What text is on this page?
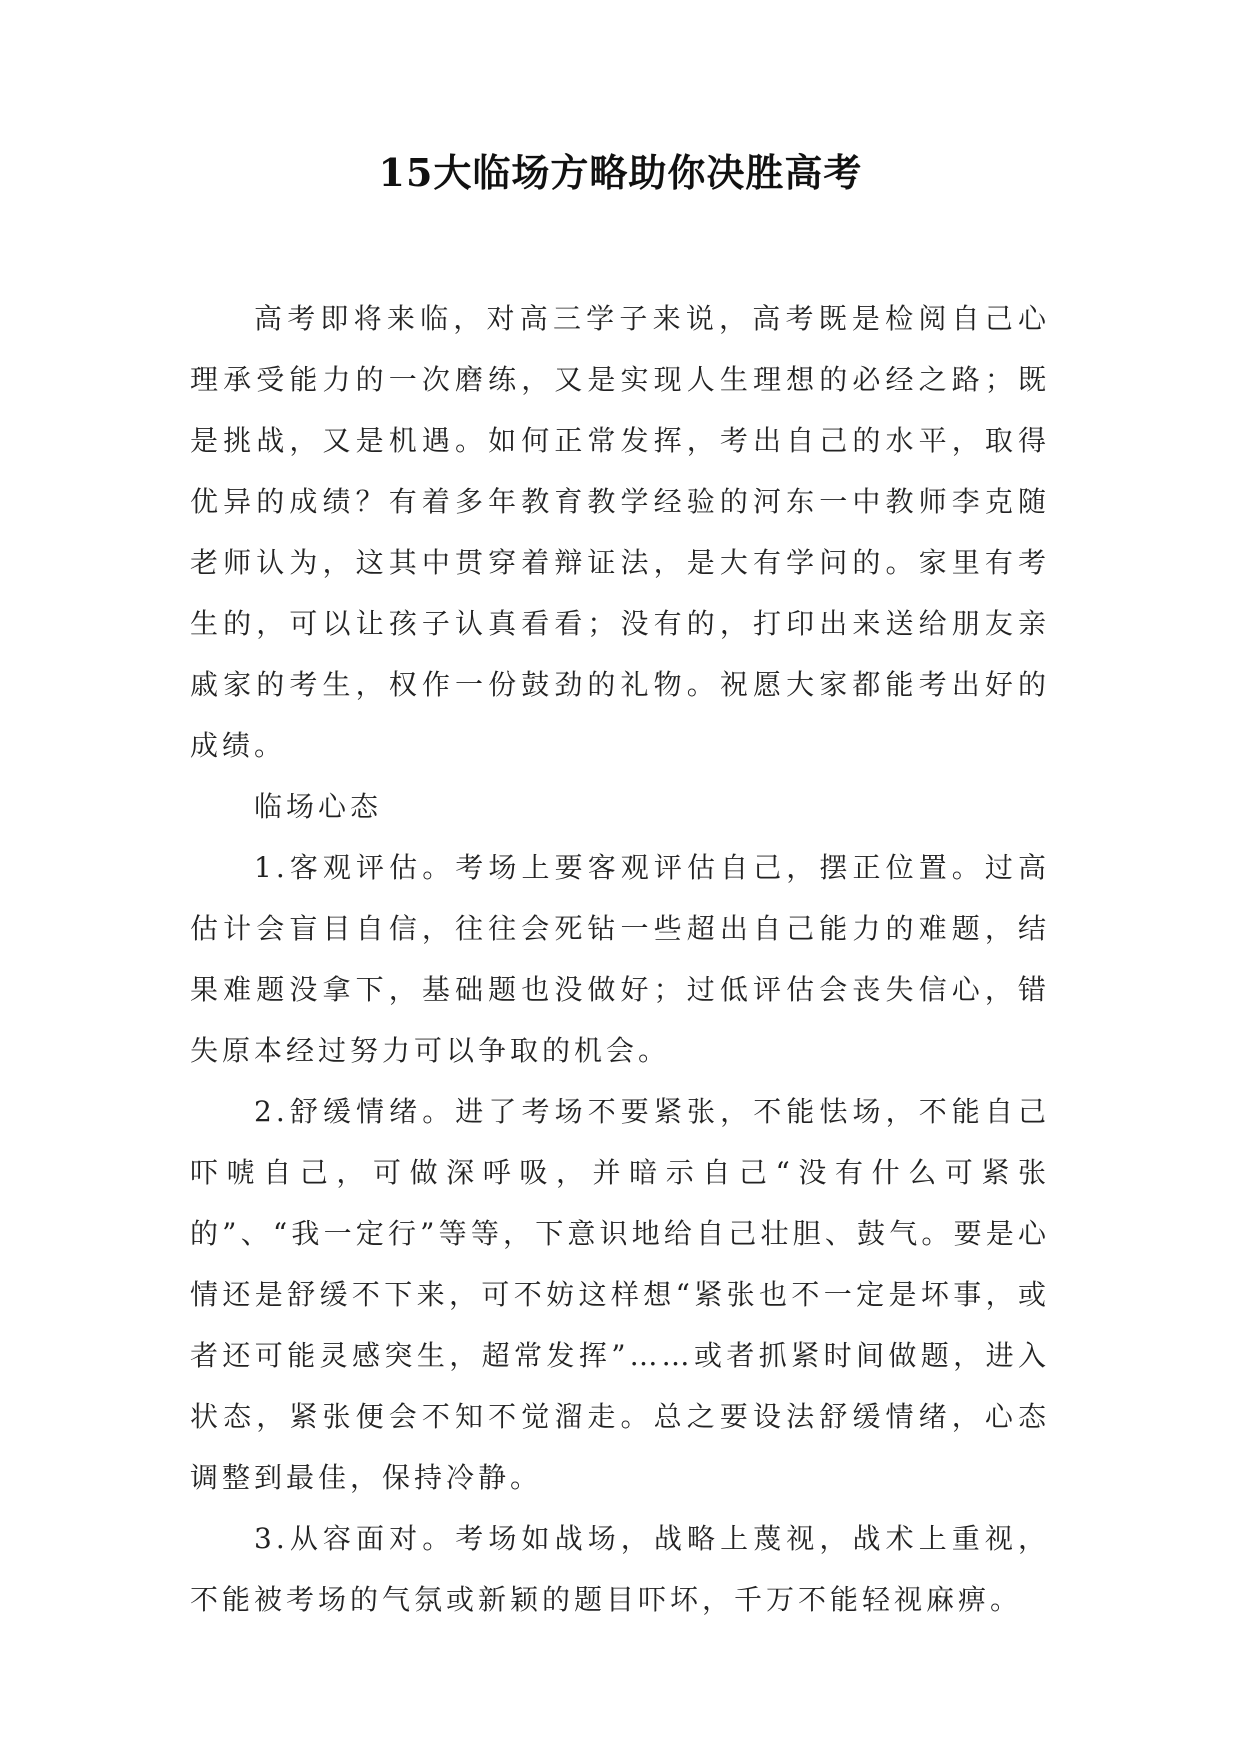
15大临场方略助你决胜高考

高考即将来临，对高三学子来说，高考既是检阅自己心理承受能力的一次磨练，又是实现人生理想的必经之路；既是挑战，又是机遇。如何正常发挥，考出自己的水平，取得优异的成绩？有着多年教育教学经验的河东一中教师李克随老师认为，这其中贯穿着辩证法，是大有学问的。家里有考生的，可以让孩子认真看看；没有的，打印出来送给朋友亲戚家的考生，权作一份鼓劲的礼物。祝愿大家都能考出好的成绩。

临场心态

1.客观评估。考场上要客观评估自己，摆正位置。过高估计会盲目自信，往往会死钻一些超出自己能力的难题，结果难题没拿下，基础题也没做好；过低评估会丧失信心，错失原本经过努力可以争取的机会。

2.舒缓情绪。进了考场不要紧张，不能怯场，不能自己吓唬自己，可做深呼吸，并暗示自己“没有什么可紧张的”、“我一定行”等等，下意识地给自己壮胆、鼓气。要是心情还是舒缓不下来，可不妨这样想“紧张也不一定是坏事，或者还可能灵感突生，超常发挥”……或者抓紧时间做题，进入状态，紧张便会不知不觉溜走。总之要设法舒缓情绪，心态调整到最佳，保持冷静。

3.从容面对。考场如战场，战略上蔑视，战术上重视，不能被考场的气氛或新颖的题目吓坏，千万不能轻视麻痹。
